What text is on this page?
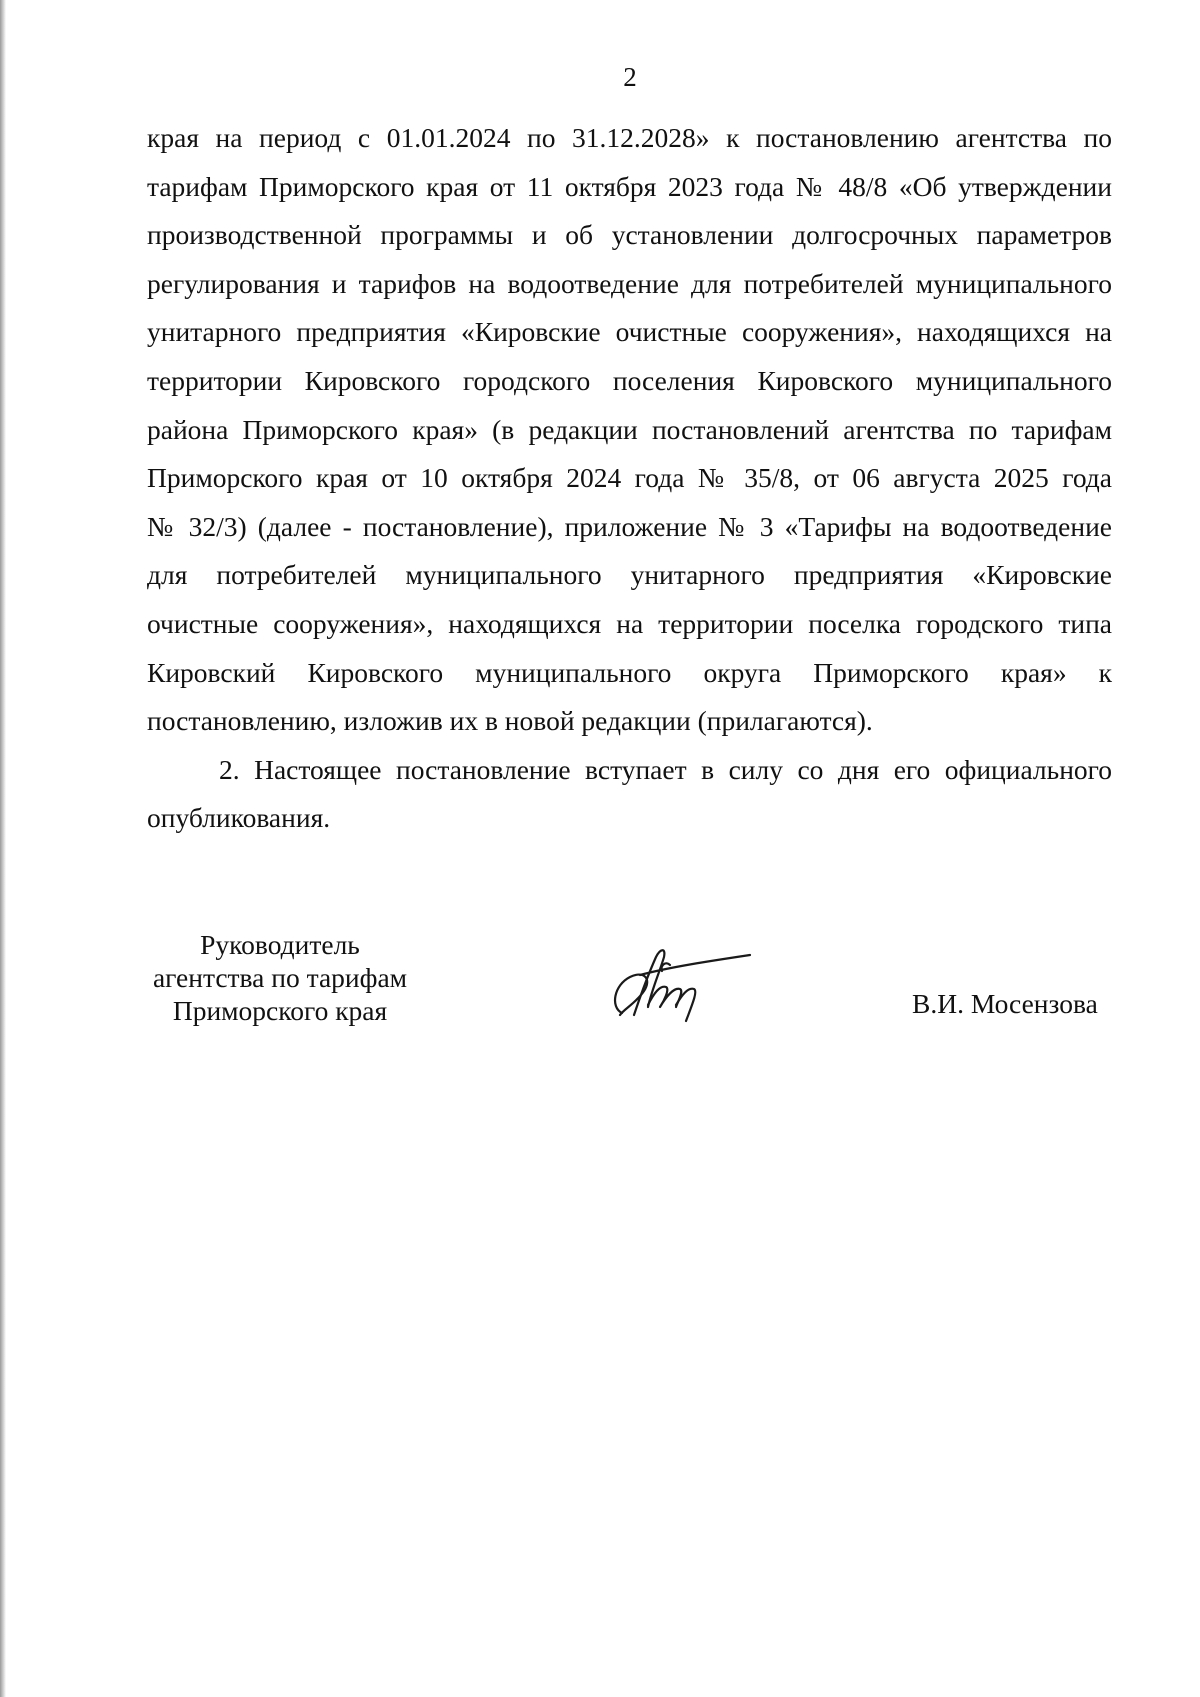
2
края на период с 01.01.2024 по 31.12.2028» к постановлению агентства по
тарифам Приморского края от 11 октября 2023 года № 48/8 «Об утверждении
производственной программы и об установлении долгосрочных параметров
регулирования и тарифов на водоотведение для потребителей муниципального
унитарного предприятия «Кировские очистные сооружения», находящихся на
территории Кировского городского поселения Кировского муниципального
района Приморского края» (в редакции постановлений агентства по тарифам
Приморского края от 10 октября 2024 года № 35/8, от 06 августа 2025 года
№ 32/3) (далее - постановление), приложение № 3 «Тарифы на водоотведение
для потребителей муниципального унитарного предприятия «Кировские
очистные сооружения», находящихся на территории поселка городского типа
Кировский Кировского муниципального округа Приморского края» к
постановлению, изложив их в новой редакции (прилагаются).
2. Настоящее постановление вступает в силу со дня его официального
опубликования.
Руководитель
агентства по тарифам
Приморского края	В.И. Мосензова
